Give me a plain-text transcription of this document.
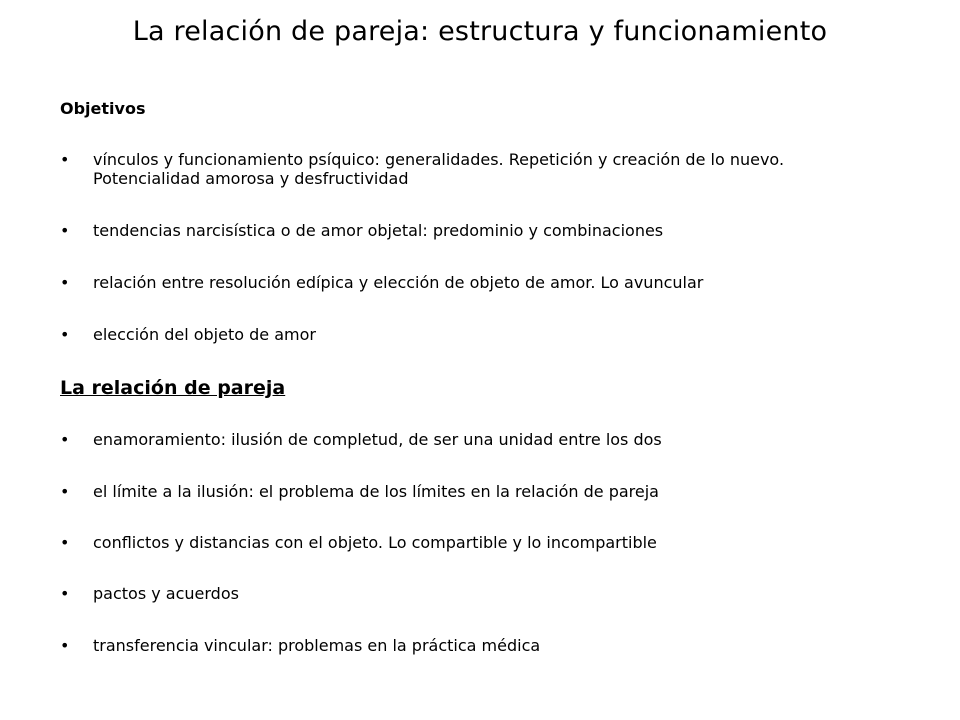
La relación de pareja: estructura y funcionamiento
Objetivos
•	vínculos y funcionamiento psíquico: generalidades. Repetición y creación de lo nuevo. Potencialidad amorosa y desfructividad
•	tendencias narcisística o de amor objetal: predominio y combinaciones
•	relación entre resolución edípica y elección de objeto de amor. Lo avuncular
•	elección del objeto de amor
La relación de pareja
•	enamoramiento: ilusión de completud, de ser una unidad entre los dos
•	el límite a la ilusión: el problema de los límites en la relación de pareja
•	conflictos y distancias con el objeto. Lo compartible y lo incompartible
•	pactos y acuerdos
•	transferencia vincular: problemas en la práctica médica
